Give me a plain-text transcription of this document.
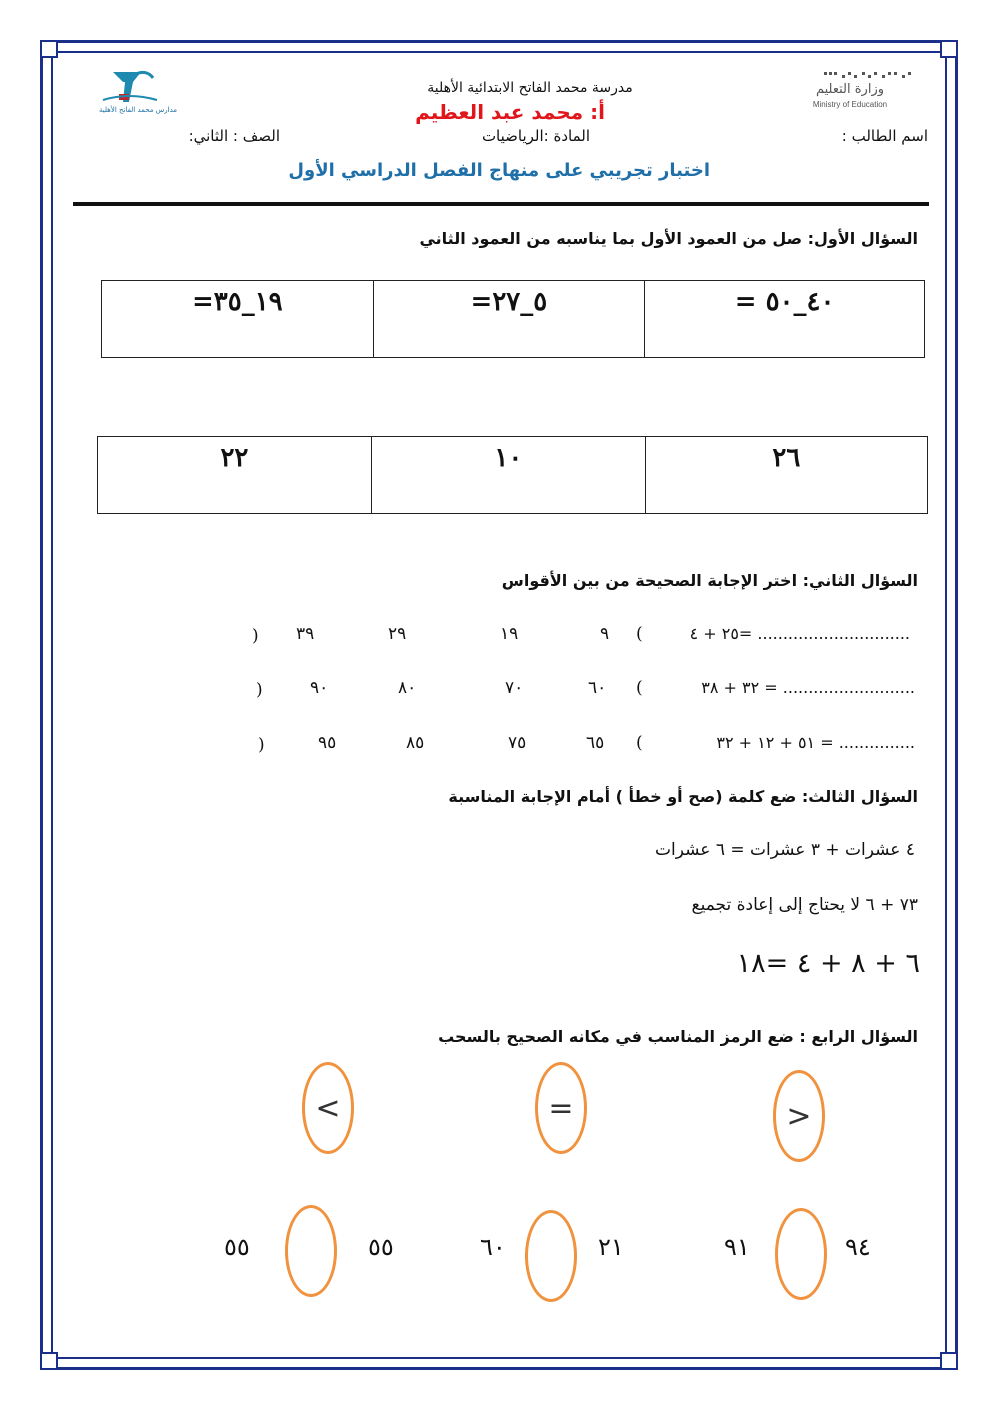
مدارس محمد الفاتح الأهلية
وزارة التعليم
Ministry of Education
مدرسة محمد الفاتح الابتدائية الأهلية
أ: محمد عبد العظيم
اسم الطالب :
المادة :الرياضيات
الصف : الثاني:
اختبار تجريبي على منهاج الفصل الدراسي الأول
السؤال الأول: صل من العمود الأول بما يناسبه من العمود الثاني
=١٩_٣٥	=٥_٢٧	= ٤٠_٥٠
٢٢	١٠	٢٦
السؤال الثاني: اختر الإجابة الصحيحة من بين الأقواس
٢٥ + ٤= ..............................
(
٩
١٩
٢٩
٣٩
)
٣٢ + ٣٨ = ..........................
(
٦٠
٧٠
٨٠
٩٠
)
٥١ + ١٢ + ٣٢ = ...............
(
٦٥
٧٥
٨٥
٩٥
)
السؤال الثالث: ضع كلمة (صح أو خطأ ) أمام الإجابة المناسبة
٤ عشرات + ٣ عشرات = ٦ عشرات
٧٣ + ٦ لا يحتاج إلى إعادة تجميع
٦ + ٨ + ٤ =١٨
السؤال الرابع : ضع الرمز المناسب في مكانه الصحيح بالسحب
<	=	>
٥٥	٥٥	٦٠	٢١	٩١	٩٤
